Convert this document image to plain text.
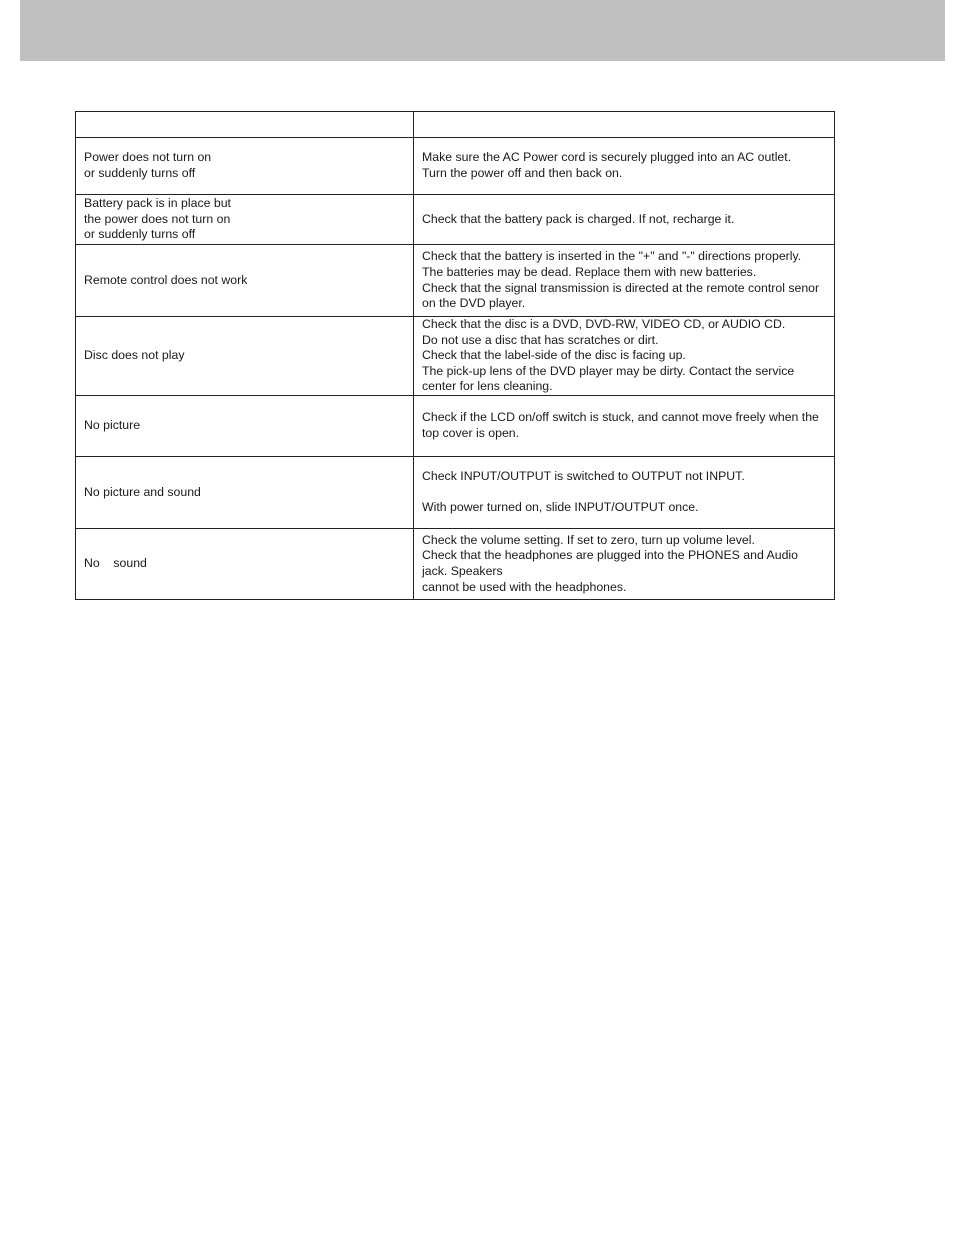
Power does not turn on
or suddenly turns off	Make sure the AC Power cord is securely plugged into an AC outlet.
Turn the power off and then back on.

Battery pack is in place but
the power does not turn on
or suddenly turns off	Check that the battery pack is charged. If not, recharge it.

Remote control does not work	Check that the battery is inserted in the "+" and "-" directions properly.
The batteries may be dead. Replace them with new batteries.
Check that the signal transmission is directed at the remote control senor
on the DVD player.

Disc does not play	Check that the disc is a DVD, DVD-RW, VIDEO CD, or AUDIO CD.
Do not use a disc that has scratches or dirt.
Check that the label-side of the disc is facing up.
The pick-up lens of the DVD player may be dirty. Contact the service
center for lens cleaning.

No picture	Check if the LCD on/off switch is stuck, and cannot move freely when the
top cover is open.

No picture and sound	Check INPUT/OUTPUT is switched to OUTPUT not INPUT.
With power turned on, slide INPUT/OUTPUT once.

No    sound	Check the volume setting. If set to zero, turn up volume level.
Check that the headphones are plugged into the PHONES and Audio
jack. Speakers
cannot be used with the headphones.
